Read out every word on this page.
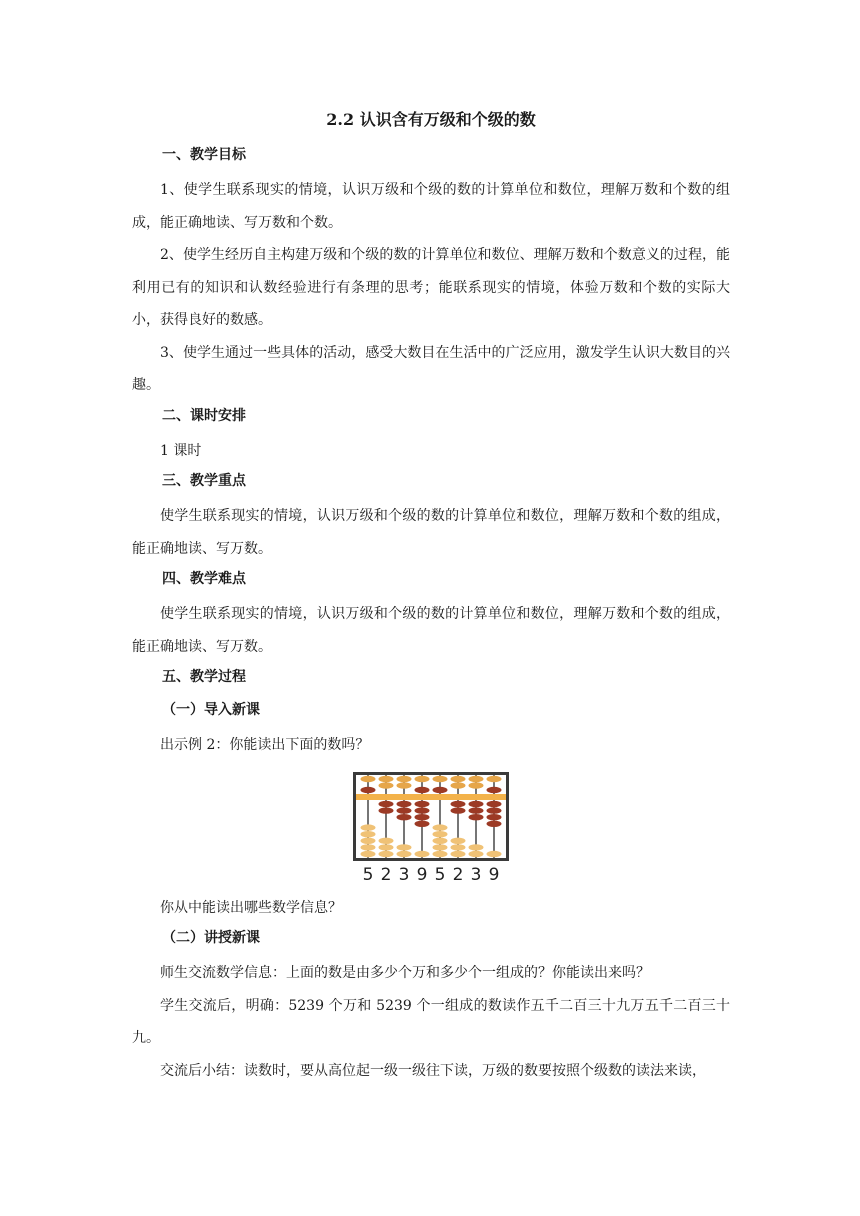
2.2 认识含有万级和个级的数
一、教学目标

1、使学生联系现实的情境，认识万级和个级的数的计算单位和数位，理解万数和个数的组成，能正确地读、写万数和个数。

2、使学生经历自主构建万级和个级的数的计算单位和数位、理解万数和个数意义的过程，能利用已有的知识和认数经验进行有条理的思考；能联系现实的情境，体验万数和个数的实际大小，获得良好的数感。

3、使学生通过一些具体的活动，感受大数目在生活中的广泛应用，激发学生认识大数目的兴趣。

二、课时安排

1 课时

三、教学重点

使学生联系现实的情境，认识万级和个级的数的计算单位和数位，理解万数和个数的组成，能正确地读、写万数。

四、教学难点

使学生联系现实的情境，认识万级和个级的数的计算单位和数位，理解万数和个数的组成，能正确地读、写万数。

五、教学过程
（一）导入新课

出示例 2：你能读出下面的数吗？

5 2 3 9 5 2 3 9

你从中能读出哪些数学信息？

（二）讲授新课

师生交流数学信息：上面的数是由多少个万和多少个一组成的？你能读出来吗？

学生交流后，明确：5239 个万和 5239 个一组成的数读作五千二百三十九万五千二百三十九。

交流后小结：读数时，要从高位起一级一级往下读，万级的数要按照个级数的读法来读，
